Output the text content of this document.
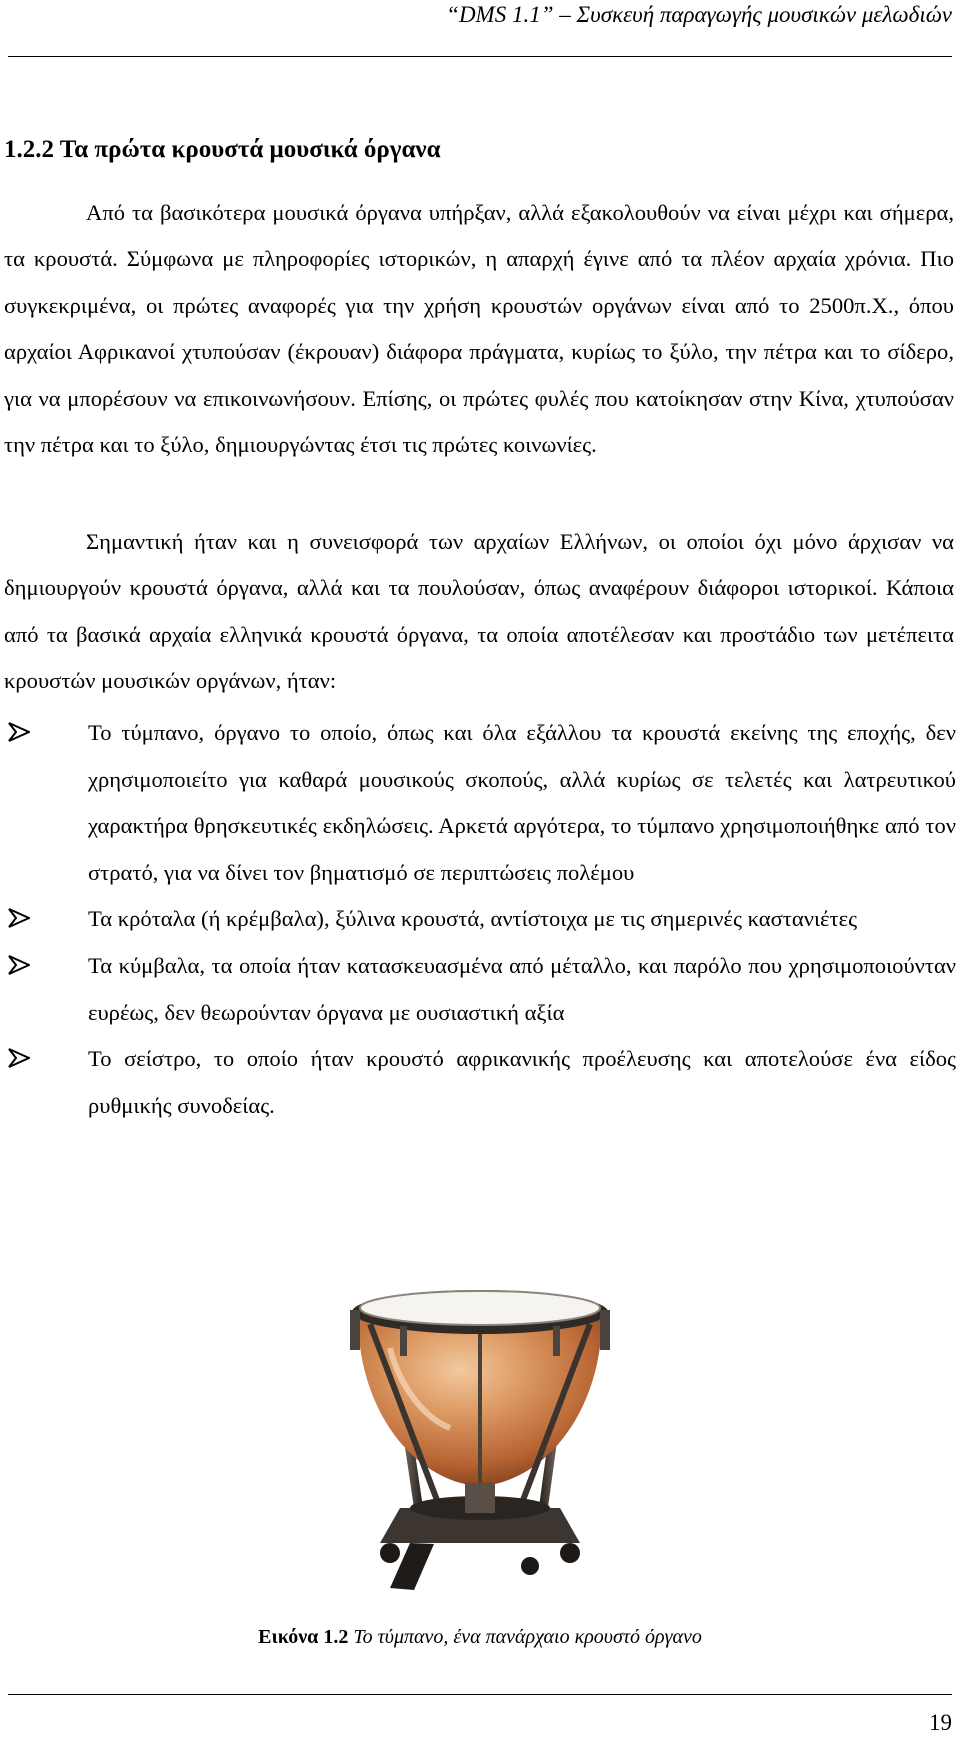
“DMS 1.1” – Συσκευή παραγωγής μουσικών μελωδιών
1.2.2 Τα πρώτα κρουστά μουσικά όργανα

Από τα βασικότερα μουσικά όργανα υπήρξαν, αλλά εξακολουθούν να είναι μέχρι και σήμερα, τα κρουστά. Σύμφωνα με πληροφορίες ιστορικών, η απαρχή έγινε από τα πλέον αρχαία χρόνια. Πιο συγκεκριμένα, οι πρώτες αναφορές για την χρήση κρουστών οργάνων είναι από το 2500π.Χ., όπου αρχαίοι Αφρικανοί χτυπούσαν (έκρουαν) διάφορα πράγματα, κυρίως το ξύλο, την πέτρα και το σίδερο, για να μπορέσουν να επικοινωνήσουν. Επίσης, οι πρώτες φυλές που κατοίκησαν στην Κίνα, χτυπούσαν την πέτρα και το ξύλο, δημιουργώντας έτσι τις πρώτες κοινωνίες.

Σημαντική ήταν και η συνεισφορά των αρχαίων Ελλήνων, οι οποίοι όχι μόνο άρχισαν να δημιουργούν κρουστά όργανα, αλλά και τα πουλούσαν, όπως αναφέρουν διάφοροι ιστορικοί. Κάποια από τα βασικά αρχαία ελληνικά κρουστά όργανα, τα οποία αποτέλεσαν και προστάδιο των μετέπειτα κρουστών μουσικών οργάνων, ήταν:

Το τύμπανο, όργανο το οποίο, όπως και όλα εξάλλου τα κρουστά εκείνης της εποχής, δεν χρησιμοποιείτο για καθαρά μουσικούς σκοπούς, αλλά κυρίως σε τελετές και λατρευτικού χαρακτήρα θρησκευτικές εκδηλώσεις. Αρκετά αργότερα, το τύμπανο χρησιμοποιήθηκε από τον στρατό, για να δίνει τον βηματισμό σε περιπτώσεις πολέμου
Τα κρόταλα (ή κρέμβαλα), ξύλινα κρουστά, αντίστοιχα με τις σημερινές καστανιέτες
Τα κύμβαλα, τα οποία ήταν κατασκευασμένα από μέταλλο, και παρόλο που χρησιμοποιούνταν ευρέως, δεν θεωρούνταν όργανα με ουσιαστική αξία
Το σείστρο, το οποίο ήταν κρουστό αφρικανικής προέλευσης και αποτελούσε ένα είδος ρυθμικής συνοδείας.

Εικόνα 1.2 Το τύμπανο, ένα πανάρχαιο κρουστό όργανο

19
